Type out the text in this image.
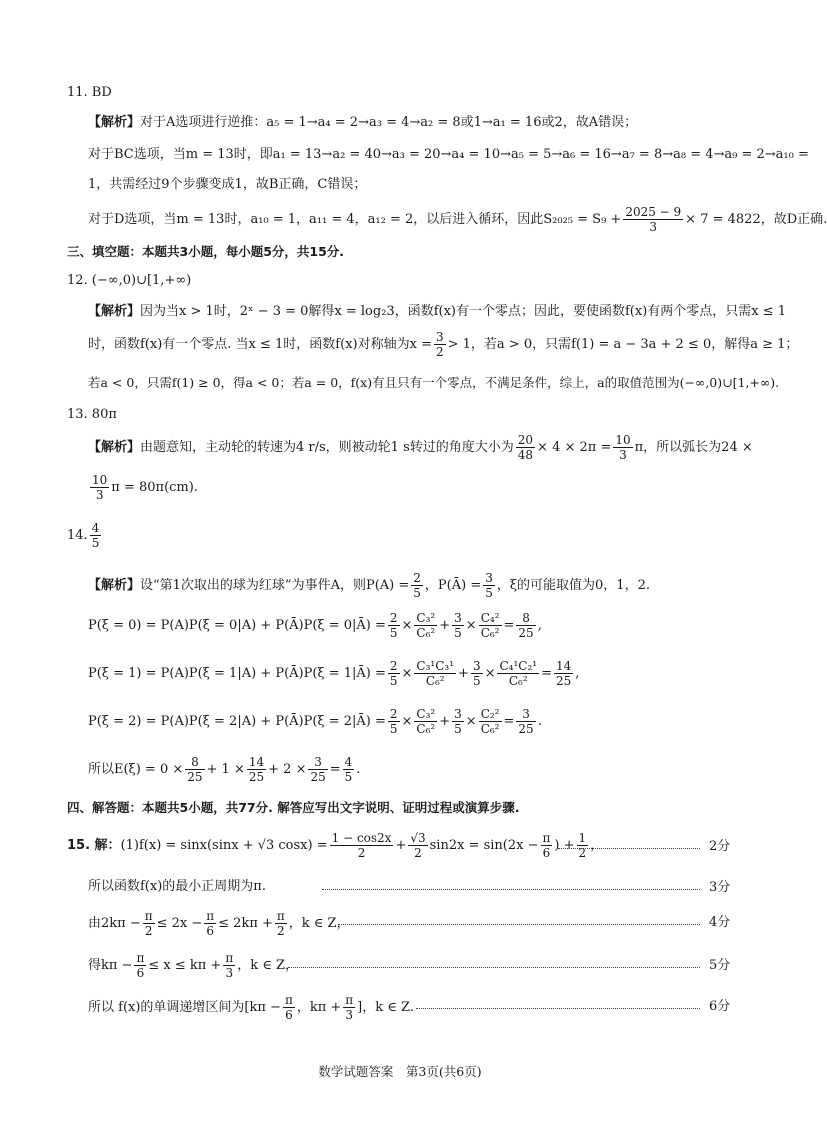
11. BD
【解析】对于A选项进行逆推：a₅ = 1→a₄ = 2→a₃ = 4→a₂ = 8或1→a₁ = 16或2，故A错误；
对于BC选项，当m = 13时，即a₁ = 13→a₂ = 40→a₃ = 20→a₄ = 10→a₅ = 5→a₆ = 16→a₇ = 8→a₈ = 4→a₉ = 2→a₁₀ =
1，共需经过9个步骤变成1，故B正确，C错误；
对于D选项，当m = 13时，a₁₀ = 1，a₁₁ = 4，a₁₂ = 2，以后进入循环，因此$S_{2025} = S_9 + \frac{2025 - 9}{3} \times 7 = 4822$，故D正确.
三、填空题：本题共3小题，每小题5分，共15分.
12. (−∞,0)∪[1,+∞)
【解析】因为当x > 1时，2ˣ − 3 = 0解得x = log₂3，函数f(x)有一个零点；因此，要使函数f(x)有两个零点，只需x ≤ 1
时，函数f(x)有一个零点. 当x ≤ 1时，函数f(x)对称轴为$x = \frac{3}{2} > 1$，若a > 0，只需f(1) = a − 3a + 2 ≤ 0，解得a ≥ 1；
若a < 0，只需f(1) ≥ 0，得a < 0；若a = 0，f(x)有且只有一个零点，不满足条件，综上，a的取值范围为(−∞,0)∪[1,+∞).
13. 80π
【解析】由题意知，主动轮的转速为4 r/s，则被动轮1 s转过的角度大小为 $\frac{20}{48} \times 4 \times 2\pi = \frac{10}{3}$ π，所以弧长为24 ×
$\frac{10}{3}$ π = 80π(cm).
14. $\frac{4}{5}$
【解析】设“第1次取出的球为红球”为事件A，则$P(A) = \frac{2}{5}$ ，P(Ā) = $\frac{3}{5}$ ，ξ的可能取值为0，1，2.
P(ξ = 0) = P(A)P(ξ = 0|A) + P(Ā)P(ξ = 0|Ā) = $\frac{2}{5} \times \frac{\text{C₃²}}{\text{C₆²}} + \frac{3}{5} \times \frac{\text{C₄²}}{\text{C₆²}} = \frac{8}{25}$ ,
P(ξ = 1) = P(A)P(ξ = 1|A) + P(Ā)P(ξ = 1|Ā) = $\frac{2}{5} \times \frac{\text{C₃¹C₃¹}}{\text{C₆²}} + \frac{3}{5} \times \frac{\text{C₄¹C₂¹}}{\text{C₆²}} = \frac{14}{25}$ ,
P(ξ = 2) = P(A)P(ξ = 2|A) + P(Ā)P(ξ = 2|Ā) = $\frac{2}{5} \times \frac{\text{C₃²}}{\text{C₆²}} + \frac{3}{5} \times \frac{\text{C₂²}}{\text{C₆²}} = \frac{3}{25}$ .
所以$E(\xi) = 0 \times \frac{8}{25} + 1 \times \frac{14}{25} + 2 \times \frac{3}{25} = \frac{4}{5}$ .
四、解答题：本题共5小题，共77分. 解答应写出文字说明、证明过程或演算步骤.
15. 解：(1)f(x) = sinx(sinx + √3 $\cos x) = \frac{1 - \cos 2x}{2} + \frac{√3}{2} \sin 2x = \sin(2x - \frac{\pi}{6}$ ) + $\frac{1}{2}$ ，	2分
所以函数f(x)的最小正周期为π.	3分
由$2k\pi - \frac{\pi}{2} \le 2x - \frac{\pi}{6} \le 2k\pi + \frac{\pi}{2}$ ，k ∈ Z，	4分
得$k\pi - \frac{\pi}{6} \le x \le k\pi + \frac{\pi}{3}$ ，k ∈ Z，	5分
所以 f(x)的单调递增区间为[$k\pi - \frac{\pi}{6}$ ，$k\pi + \frac{\pi}{3}$ ]，k ∈ Z.	6分
数学试题答案　第3页(共6页)
